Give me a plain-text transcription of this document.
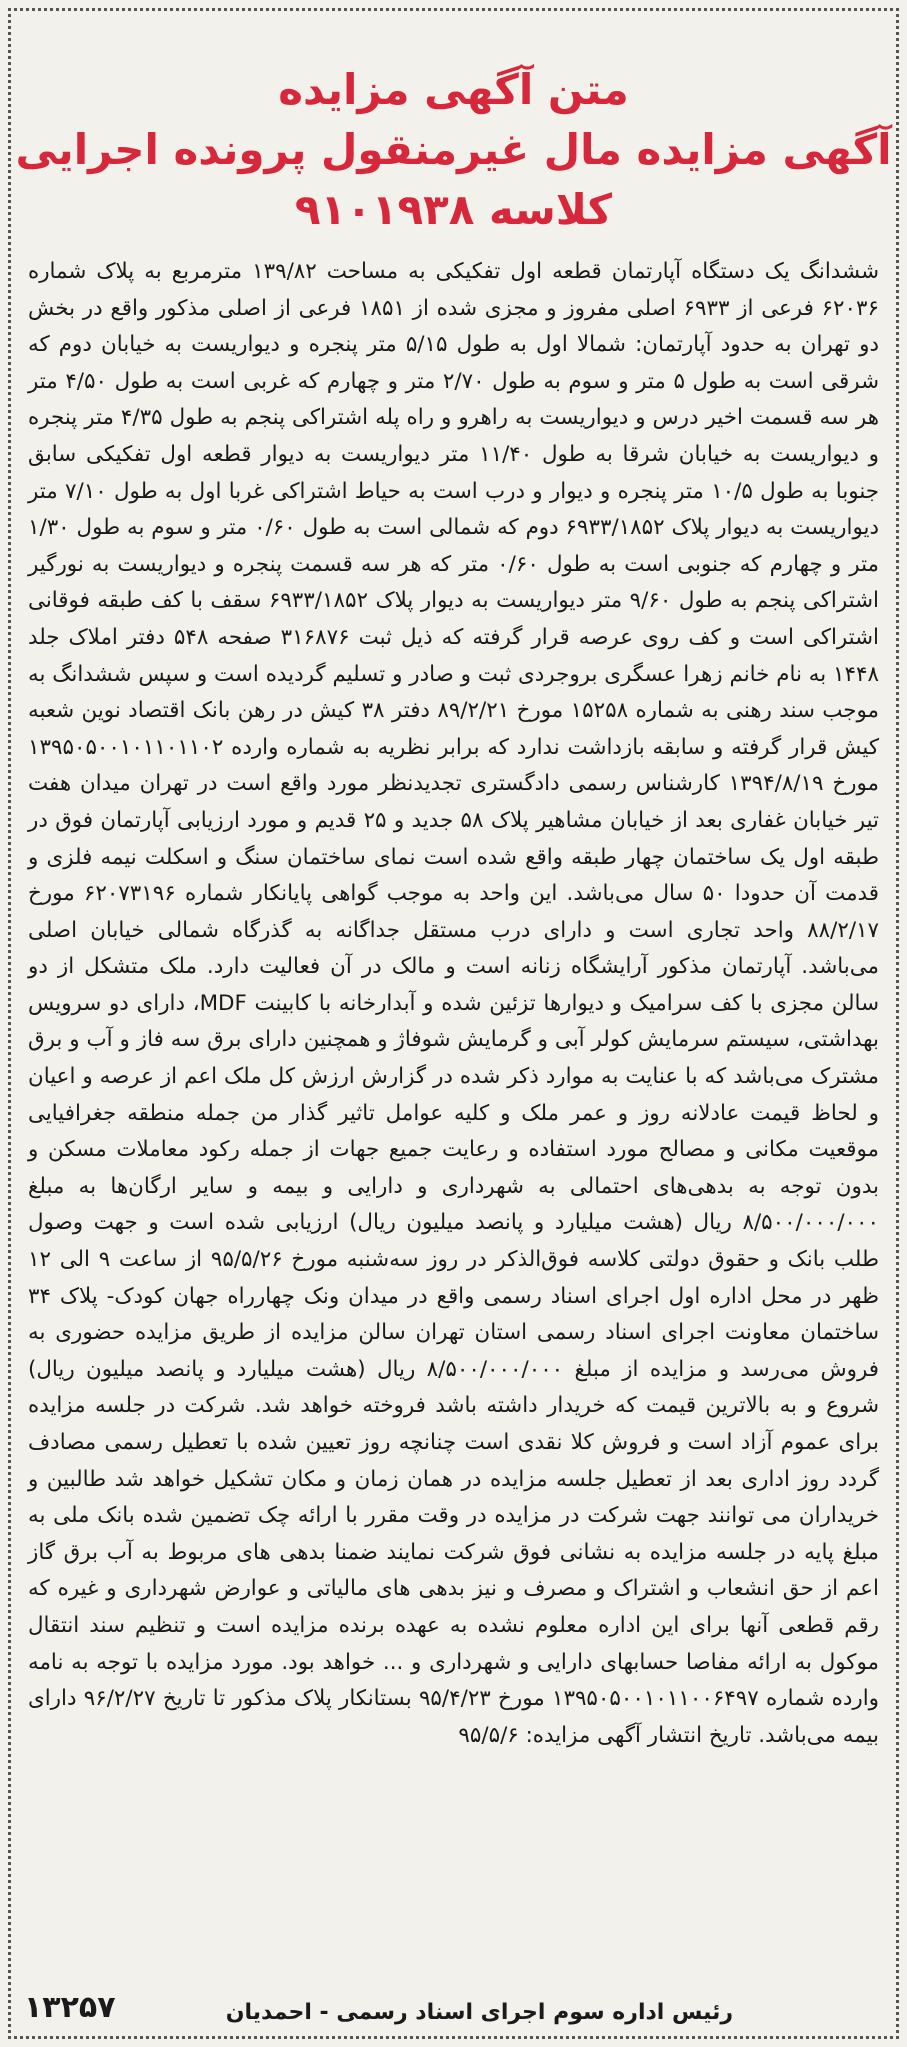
متن آگهی مزایده
آگهی مزایده مال غیرمنقول پرونده اجرایی
کلاسه ۹۱۰۱۹۳۸

ششدانگ یک دستگاه آپارتمان قطعه اول تفکیکی به مساحت ۱۳۹/۸۲ مترمربع به پلاک شماره ۶۲۰۳۶ فرعی از ۶۹۳۳ اصلی مفروز و مجزی شده از ۱۸۵۱ فرعی از اصلی مذکور واقع در بخش دو تهران به حدود آپارتمان: شمالا اول به طول ۵/۱۵ متر پنجره و دیواریست به خیابان دوم که شرقی است به طول ۵ متر و سوم به طول ۲/۷۰ متر و چهارم که غربی است به طول ۴/۵۰ متر هر سه قسمت اخیر درس و دیواریست به راهرو و راه پله اشتراکی پنجم به طول ۴/۳۵ متر پنجره و دیواریست به خیابان شرقا به طول ۱۱/۴۰ متر دیواریست به دیوار قطعه اول تفکیکی سابق جنوبا به طول ۱۰/۵ متر پنجره و دیوار و درب است به حیاط اشتراکی غربا اول به طول ۷/۱۰ متر دیواریست به دیوار پلاک ۶۹۳۳/۱۸۵۲ دوم که شمالی است به طول ۰/۶۰ متر و سوم به طول ۱/۳۰ متر و چهارم که جنوبی است به طول ۰/۶۰ متر که هر سه قسمت پنجره و دیواریست به نورگیر اشتراکی پنجم به طول ۹/۶۰ متر دیواریست به دیوار پلاک ۶۹۳۳/۱۸۵۲ سقف با کف طبقه فوقانی اشتراکی است و کف روی عرصه قرار گرفته که ذیل ثبت ۳۱۶۸۷۶ صفحه ۵۴۸ دفتر املاک جلد ۱۴۴۸ به نام خانم زهرا عسگری بروجردی ثبت و صادر و تسلیم گردیده است و سپس ششدانگ به موجب سند رهنی به شماره ۱۵۲۵۸ مورخ ۸۹/۲/۲۱ دفتر ۳۸ کیش در رهن بانک اقتصاد نوین شعبه کیش قرار گرفته و سابقه بازداشت ندارد که برابر نظریه به شماره وارده ۱۳۹۵۰۵۰۰۱۰۱۱۰۱۱۰۲ مورخ ۱۳۹۴/۸/۱۹ کارشناس رسمی دادگستری تجدیدنظر مورد واقع است در تهران میدان هفت تیر خیابان غفاری بعد از خیابان مشاهیر پلاک ۵۸ جدید و ۲۵ قدیم و مورد ارزیابی آپارتمان فوق در طبقه اول یک ساختمان چهار طبقه واقع شده است نمای ساختمان سنگ و اسکلت نیمه فلزی و قدمت آن حدودا ۵۰ سال می‌باشد. این واحد به موجب گواهی پایانکار شماره ۶۲۰۷۳۱۹۶ مورخ ۸۸/۲/۱۷ واحد تجاری است و دارای درب مستقل جداگانه به گذرگاه شمالی خیابان اصلی می‌باشد. آپارتمان مذکور آرایشگاه زنانه است و مالک در آن فعالیت دارد. ملک متشکل از دو سالن مجزی با کف سرامیک و دیوارها تزئین شده و آبدارخانه با کابینت MDF، دارای دو سرویس بهداشتی، سیستم سرمایش کولر آبی و گرمایش شوفاژ و همچنین دارای برق سه فاز و آب و برق مشترک می‌باشد که با عنایت به موارد ذکر شده در گزارش ارزش کل ملک اعم از عرصه و اعیان و لحاظ قیمت عادلانه روز و عمر ملک و کلیه عوامل تاثیر گذار من جمله منطقه جغرافیایی موقعیت مکانی و مصالح مورد استفاده و رعایت جمیع جهات از جمله رکود معاملات مسکن و بدون توجه به بدهی‌های احتمالی به شهرداری و دارایی و بیمه و سایر ارگان‌ها به مبلغ ۸/۵۰۰/۰۰۰/۰۰۰ ریال (هشت میلیارد و پانصد میلیون ریال) ارزیابی شده است و جهت وصول طلب بانک و حقوق دولتی کلاسه فوق‌الذکر در روز سه‌شنبه مورخ ۹۵/۵/۲۶ از ساعت ۹ الی ۱۲ ظهر در محل اداره اول اجرای اسناد رسمی واقع در میدان ونک چهارراه جهان کودک- پلاک ۳۴ ساختمان معاونت اجرای اسناد رسمی استان تهران سالن مزایده از طریق مزایده حضوری به فروش می‌رسد و مزایده از مبلغ ۸/۵۰۰/۰۰۰/۰۰۰ ریال (هشت میلیارد و پانصد میلیون ریال) شروع و به بالاترین قیمت که خریدار داشته باشد فروخته خواهد شد. شرکت در جلسه مزایده برای عموم آزاد است و فروش کلا نقدی است چنانچه روز تعیین شده با تعطیل رسمی مصادف گردد روز اداری بعد از تعطیل جلسه مزایده در همان زمان و مکان تشکیل خواهد شد طالبین و خریداران می توانند جهت شرکت در مزایده در وقت مقرر با ارائه چک تضمین شده بانک ملی به مبلغ پایه در جلسه مزایده به نشانی فوق شرکت نمایند ضمنا بدهی های مربوط به آب برق گاز اعم از حق انشعاب و اشتراک و مصرف و نیز بدهی های مالیاتی و عوارض شهرداری و غیره که رقم قطعی آنها برای این اداره معلوم نشده به عهده برنده مزایده است و تنظیم سند انتقال موکول به ارائه مفاصا حسابهای دارایی و شهرداری و ... خواهد بود. مورد مزایده با توجه به نامه وارده شماره ۱۳۹۵۰۵۰۰۱۰۱۱۰۰۶۴۹۷ مورخ ۹۵/۴/۲۳ بستانکار پلاک مذکور تا تاریخ ۹۶/۲/۲۷ دارای بیمه می‌باشد. تاریخ انتشار آگهی مزایده: ۹۵/۵/۶

رئیس اداره سوم اجرای اسناد رسمی - احمدیان
۱۳۲۵۷
